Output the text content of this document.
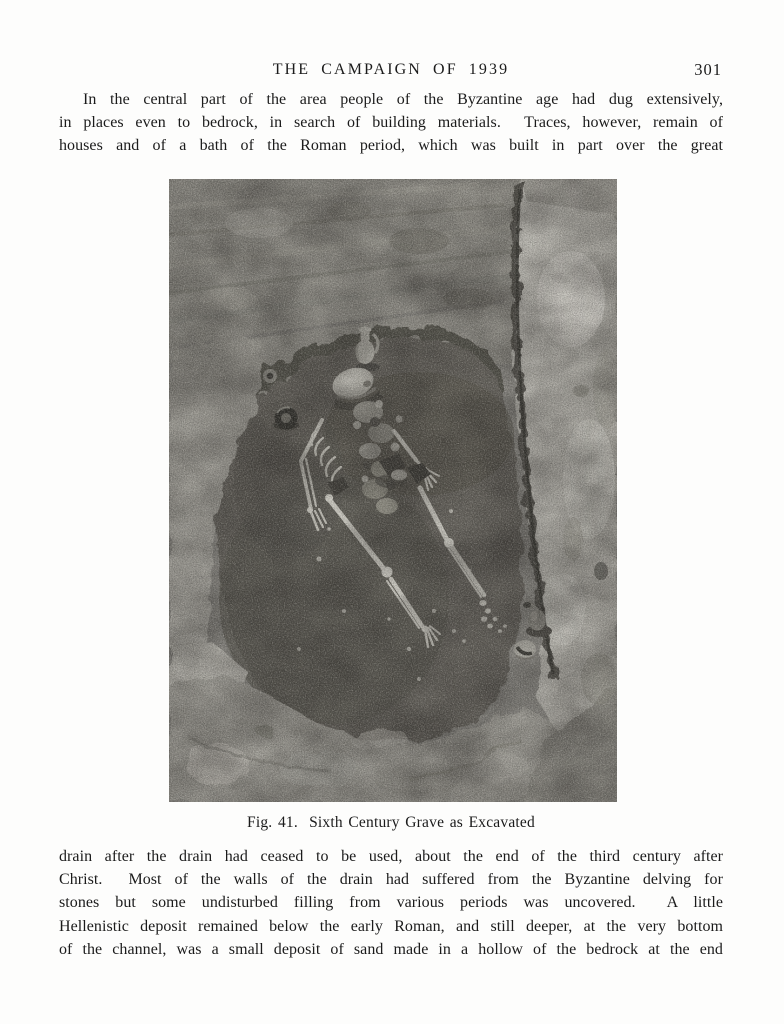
THE CAMPAIGN OF 1939	301
In the central part of the area people of the Byzantine age had dug extensively,
in places even to bedrock, in search of building materials.  Traces, however, remain of
houses and of a bath of the Roman period, which was built in part over the great
Fig. 41.  Sixth Century Grave as Excavated
drain after the drain had ceased to be used, about the end of the third century after
Christ.  Most of the walls of the drain had suffered from the Byzantine delving for
stones but some undisturbed filling from various periods was uncovered.  A little
Hellenistic deposit remained below the early Roman, and still deeper, at the very bottom
of the channel, was a small deposit of sand made in a hollow of the bedrock at the end
